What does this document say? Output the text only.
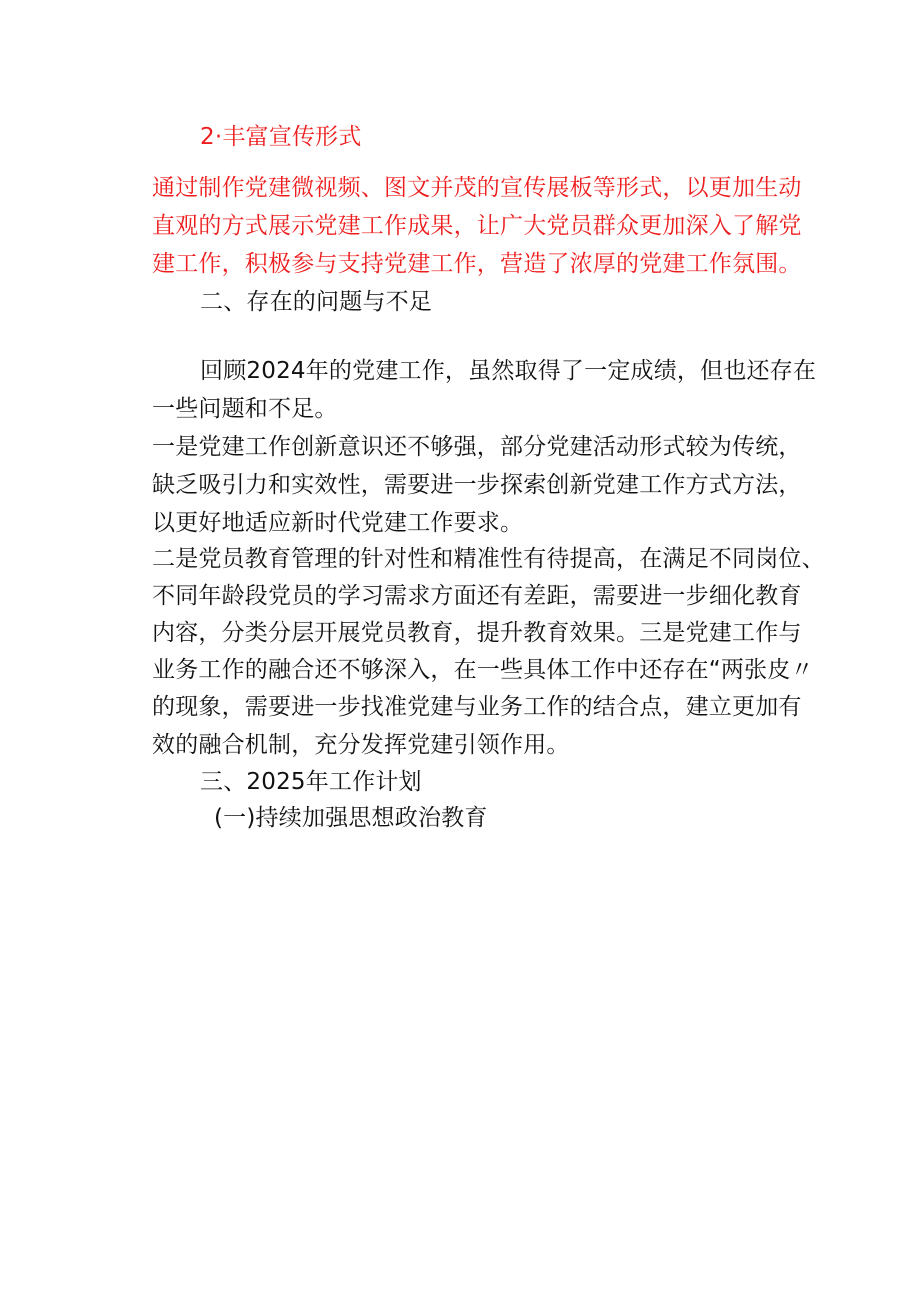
2·丰富宣传形式
通过制作党建微视频、图文并茂的宣传展板等形式，以更加生动
直观的方式展示党建工作成果，让广大党员群众更加深入了解党
建工作，积极参与支持党建工作，营造了浓厚的党建工作氛围。
二、存在的问题与不足
回顾2024年的党建工作，虽然取得了一定成绩，但也还存在
一些问题和不足。
一是党建工作创新意识还不够强，部分党建活动形式较为传统，
缺乏吸引力和实效性，需要进一步探索创新党建工作方式方法，
以更好地适应新时代党建工作要求。
二是党员教育管理的针对性和精准性有待提高，在满足不同岗位、
不同年龄段党员的学习需求方面还有差距，需要进一步细化教育
内容，分类分层开展党员教育，提升教育效果。三是党建工作与
业务工作的融合还不够深入，在一些具体工作中还存在“两张皮〃
的现象，需要进一步找准党建与业务工作的结合点，建立更加有
效的融合机制，充分发挥党建引领作用。
三、2025年工作计划
(一)持续加强思想政治教育
